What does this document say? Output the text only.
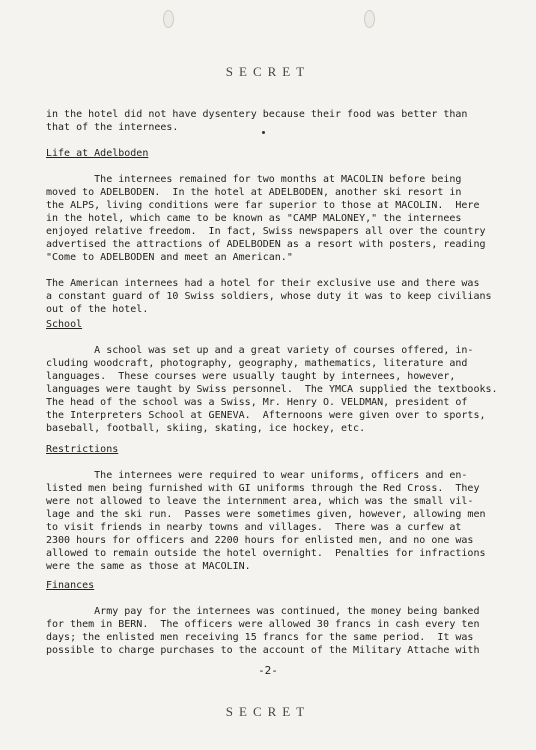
SECRET

in the hotel did not have dysentery because their food was better than

that of the internees.

Life at Adelboden

The internees remained for two months at MACOLIN before being

moved to ADELBODEN.  In the hotel at ADELBODEN, another ski resort in

the ALPS, living conditions were far superior to those at MACOLIN.  Here

in the hotel, which came to be known as "CAMP MALONEY," the internees

enjoyed relative freedom.  In fact, Swiss newspapers all over the country

advertised the attractions of ADELBODEN as a resort with posters, reading

"Come to ADELBODEN and meet an American."

The American internees had a hotel for their exclusive use and there was

a constant guard of 10 Swiss soldiers, whose duty it was to keep civilians

out of the hotel.

School

A school was set up and a great variety of courses offered, in-

cluding woodcraft, photography, geography, mathematics, literature and

languages.  These courses were usually taught by internees, however,

languages were taught by Swiss personnel.  The YMCA supplied the textbooks.

The head of the school was a Swiss, Mr. Henry O. VELDMAN, president of

the Interpreters School at GENEVA.  Afternoons were given over to sports,

baseball, football, skiing, skating, ice hockey, etc.

Restrictions

The internees were required to wear uniforms, officers and en-

listed men being furnished with GI uniforms through the Red Cross.  They

were not allowed to leave the internment area, which was the small vil-

lage and the ski run.  Passes were sometimes given, however, allowing men

to visit friends in nearby towns and villages.  There was a curfew at

2300 hours for officers and 2200 hours for enlisted men, and no one was

allowed to remain outside the hotel overnight.  Penalties for infractions

were the same as those at MACOLIN.

Finances

Army pay for the internees was continued, the money being banked

for them in BERN.  The officers were allowed 30 francs in cash every ten

days; the enlisted men receiving 15 francs for the same period.  It was

possible to charge purchases to the account of the Military Attache with

-2-
SECRET
